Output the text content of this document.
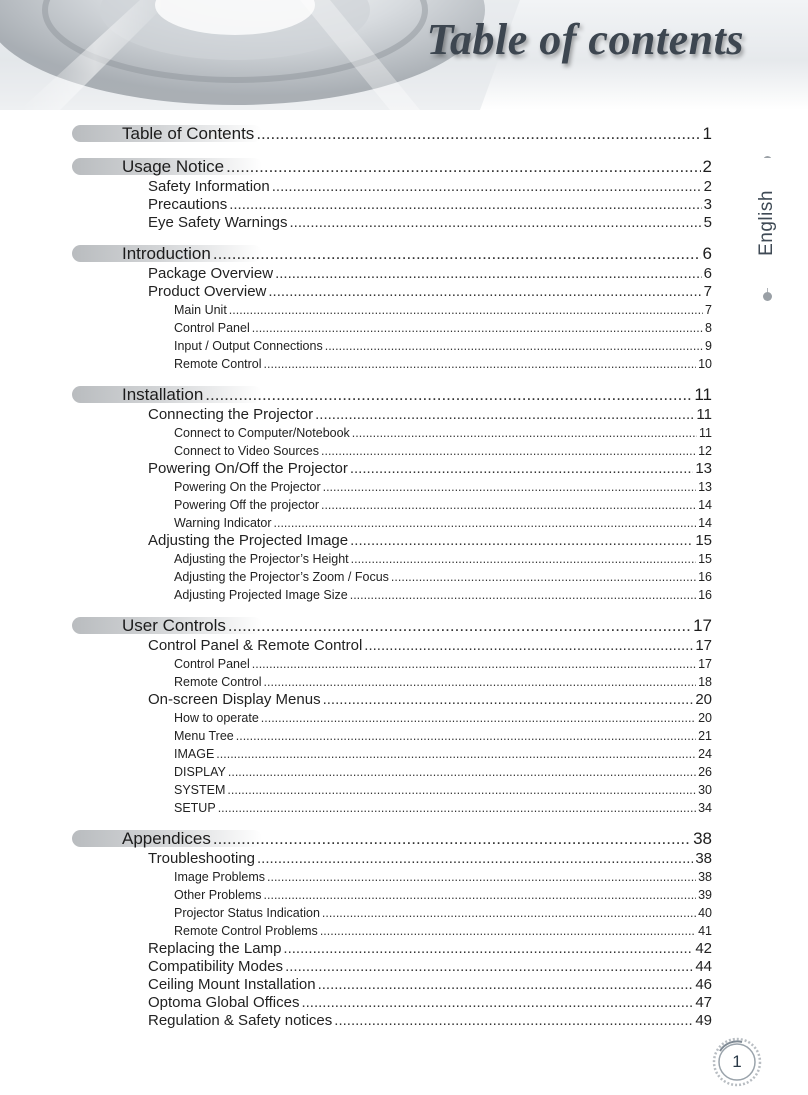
Table of contents
English
Table of Contents .....	1
Usage Notice .....	2
Safety Information .....	2
Precautions .....	3
Eye Safety Warnings .....	5
Introduction .....	6
Package Overview .....	6
Product Overview .....	7
Main Unit .....	7
Control Panel .....	8
Input / Output Connections .....	9
Remote Control .....	10
Installation .....	11
Connecting the Projector .....	11
Connect to Computer/Notebook .....	11
Connect to Video Sources .....	12
Powering On/Off the Projector .....	13
Powering On the Projector .....	13
Powering Off the projector .....	14
Warning Indicator .....	14
Adjusting the Projected Image .....	15
Adjusting the Projector’s Height .....	15
Adjusting the Projector’s Zoom / Focus .....	16
Adjusting Projected Image Size .....	16
User Controls .....	17
Control Panel & Remote Control .....	17
Control Panel .....	17
Remote Control .....	18
On-screen Display Menus .....	20
How to operate .....	20
Menu Tree .....	21
IMAGE .....	24
DISPLAY .....	26
SYSTEM .....	30
SETUP .....	34
Appendices .....	38
Troubleshooting .....	38
Image Problems .....	38
Other Problems .....	39
Projector Status Indication .....	40
Remote Control Problems .....	41
Replacing the Lamp .....	42
Compatibility Modes .....	44
Ceiling Mount Installation .....	46
Optoma Global Offices .....	47
Regulation & Safety notices .....	49
1
